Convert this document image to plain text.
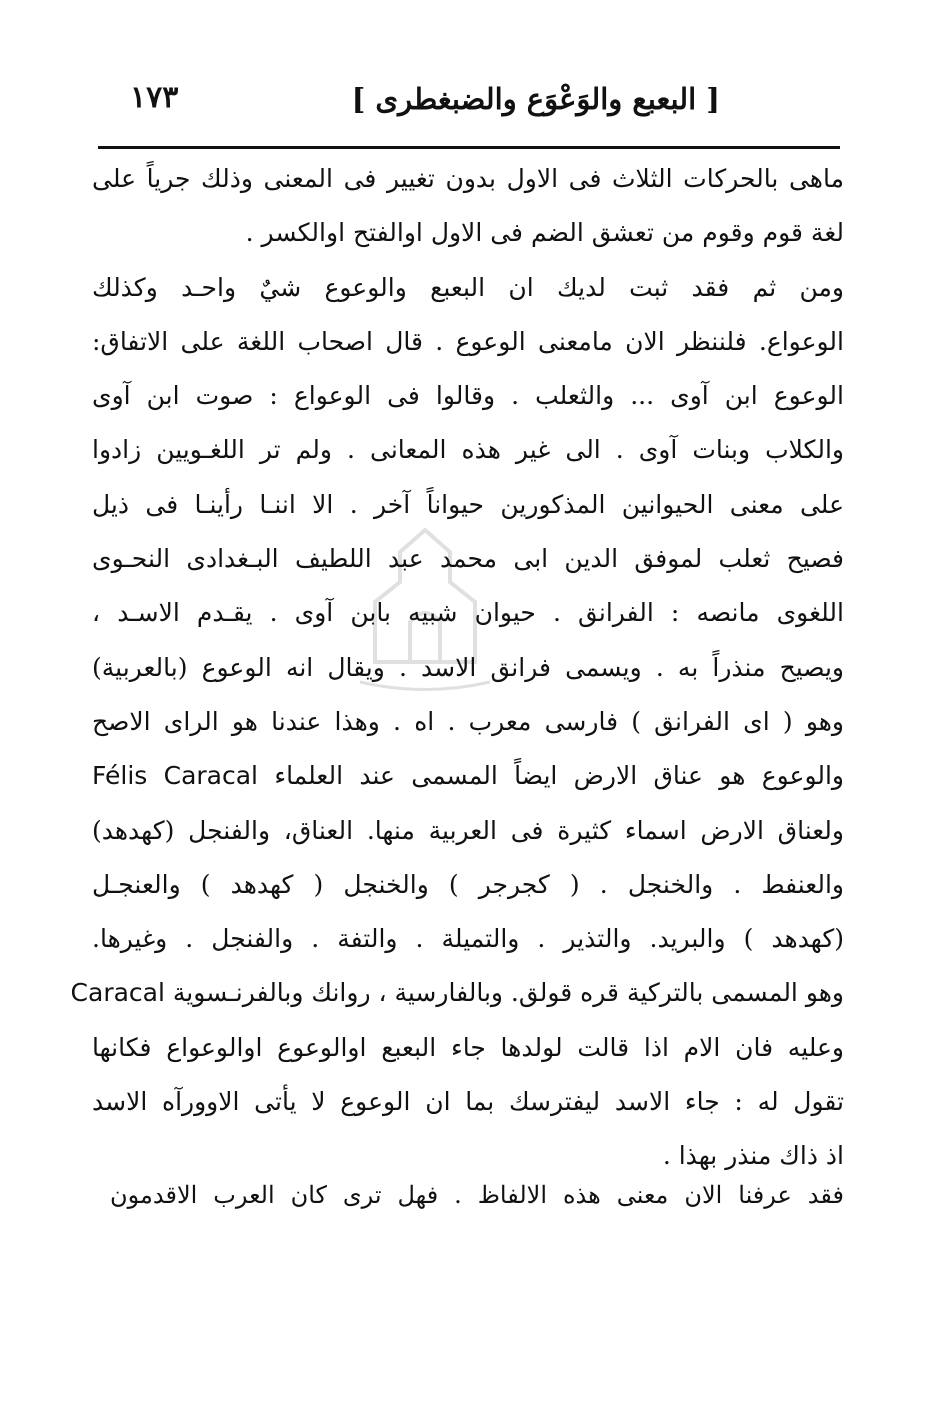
[ البعبع والوَعْوَع والضبغطرى ]
١٧٣
ماهى بالحركات الثلاث فى الاول بدون تغيير فى المعنى وذلك جرياً على
لغة قوم وقوم من تعشق الضم فى الاول اوالفتح اوالكسر .
ومن ثم فقد ثبت لديك ان البعبع والوعوع شيٌ واحـد وكذلك
الوعواع. فلننظر الان مامعنى الوعوع . قال اصحاب اللغة على الاتفاق:
الوعوع ابن آوى ... والثعلب . وقالوا فى الوعواع : صوت ابن آوى
والكلاب وبنات آوى . الى غير هذه المعانى . ولم تر اللغـويين زادوا
على معنى الحيوانين المذكورين حيواناً آخر . الا اننـا رأينـا فى ذيل
فصيح ثعلب لموفق الدين ابى محمد عبد اللطيف البـغدادى النحـوى
اللغوى مانصه : الفرانق . حيوان شبيه بابن آوى . يقـدم الاسـد ،
ويصيح منذراً به . ويسمى فرانق الاسد . ويقال انه الوعوع (بالعربية)
وهو ( اى الفرانق ) فارسى معرب . اه . وهذا عندنا هو الراى الاصح
والوعوع هو عناق الارض ايضاً المسمى عند العلماء Félis Caracal
ولعناق الارض اسماء كثيرة فى العربية منها. العناق، والفنجل (كهدهد)
والعنفط . والخنجل . ( كجرجر ) والخنجل ( كهدهد ) والعنجـل
(كهدهد ) والبريد. والتذير . والتميلة . والتفة . والفنجل . وغيرها.
وهو المسمى بالتركية قره قولق. وبالفارسية ، روانك وبالفرنـسوية Caracal
وعليه فان الام اذا قالت لولدها جاء البعبع اوالوعوع اوالوعواع فكانها
تقول له : جاء الاسد ليفترسك بما ان الوعوع لا يأتى الاوورآه الاسد
اذ ذاك منذر بهذا .
فقد عرفنا الان معنى هذه الالفاظ . فهل ترى كان العرب الاقدمون
